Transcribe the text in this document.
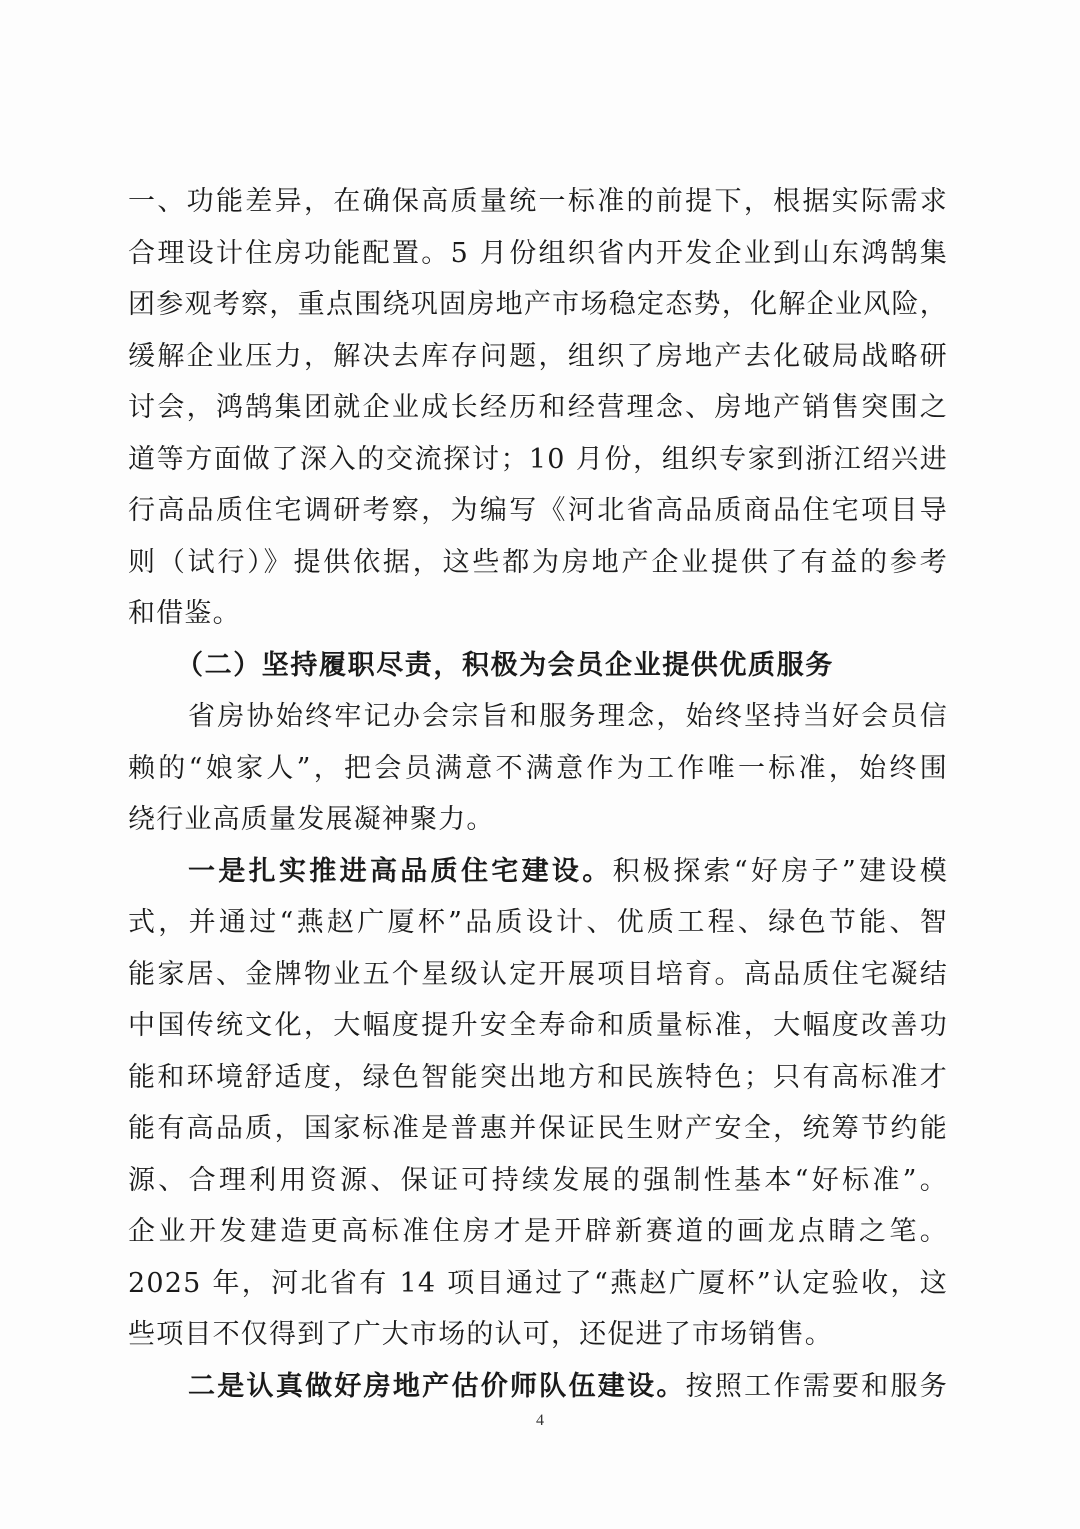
一、功能差异，在确保高质量统一标准的前提下，根据实际需求
合理设计住房功能配置。5 月份组织省内开发企业到山东鸿鹄集
团参观考察，重点围绕巩固房地产市场稳定态势，化解企业风险，
缓解企业压力，解决去库存问题，组织了房地产去化破局战略研
讨会，鸿鹄集团就企业成长经历和经营理念、房地产销售突围之
道等方面做了深入的交流探讨；10 月份，组织专家到浙江绍兴进
行高品质住宅调研考察，为编写《河北省高品质商品住宅项目导
则（试行）》提供依据，这些都为房地产企业提供了有益的参考
和借鉴。
（二）坚持履职尽责，积极为会员企业提供优质服务
省房协始终牢记办会宗旨和服务理念，始终坚持当好会员信
赖的“娘家人”，把会员满意不满意作为工作唯一标准，始终围
绕行业高质量发展凝神聚力。
一是扎实推进高品质住宅建设。积极探索“好房子”建设模
式，并通过“燕赵广厦杯”品质设计、优质工程、绿色节能、智
能家居、金牌物业五个星级认定开展项目培育。高品质住宅凝结
中国传统文化，大幅度提升安全寿命和质量标准，大幅度改善功
能和环境舒适度，绿色智能突出地方和民族特色；只有高标准才
能有高品质，国家标准是普惠并保证民生财产安全，统筹节约能
源、合理利用资源、保证可持续发展的强制性基本“好标准”。
企业开发建造更高标准住房才是开辟新赛道的画龙点睛之笔。
2025 年，河北省有 14 项目通过了“燕赵广厦杯”认定验收，这
些项目不仅得到了广大市场的认可，还促进了市场销售。
二是认真做好房地产估价师队伍建设。按照工作需要和服务
4
